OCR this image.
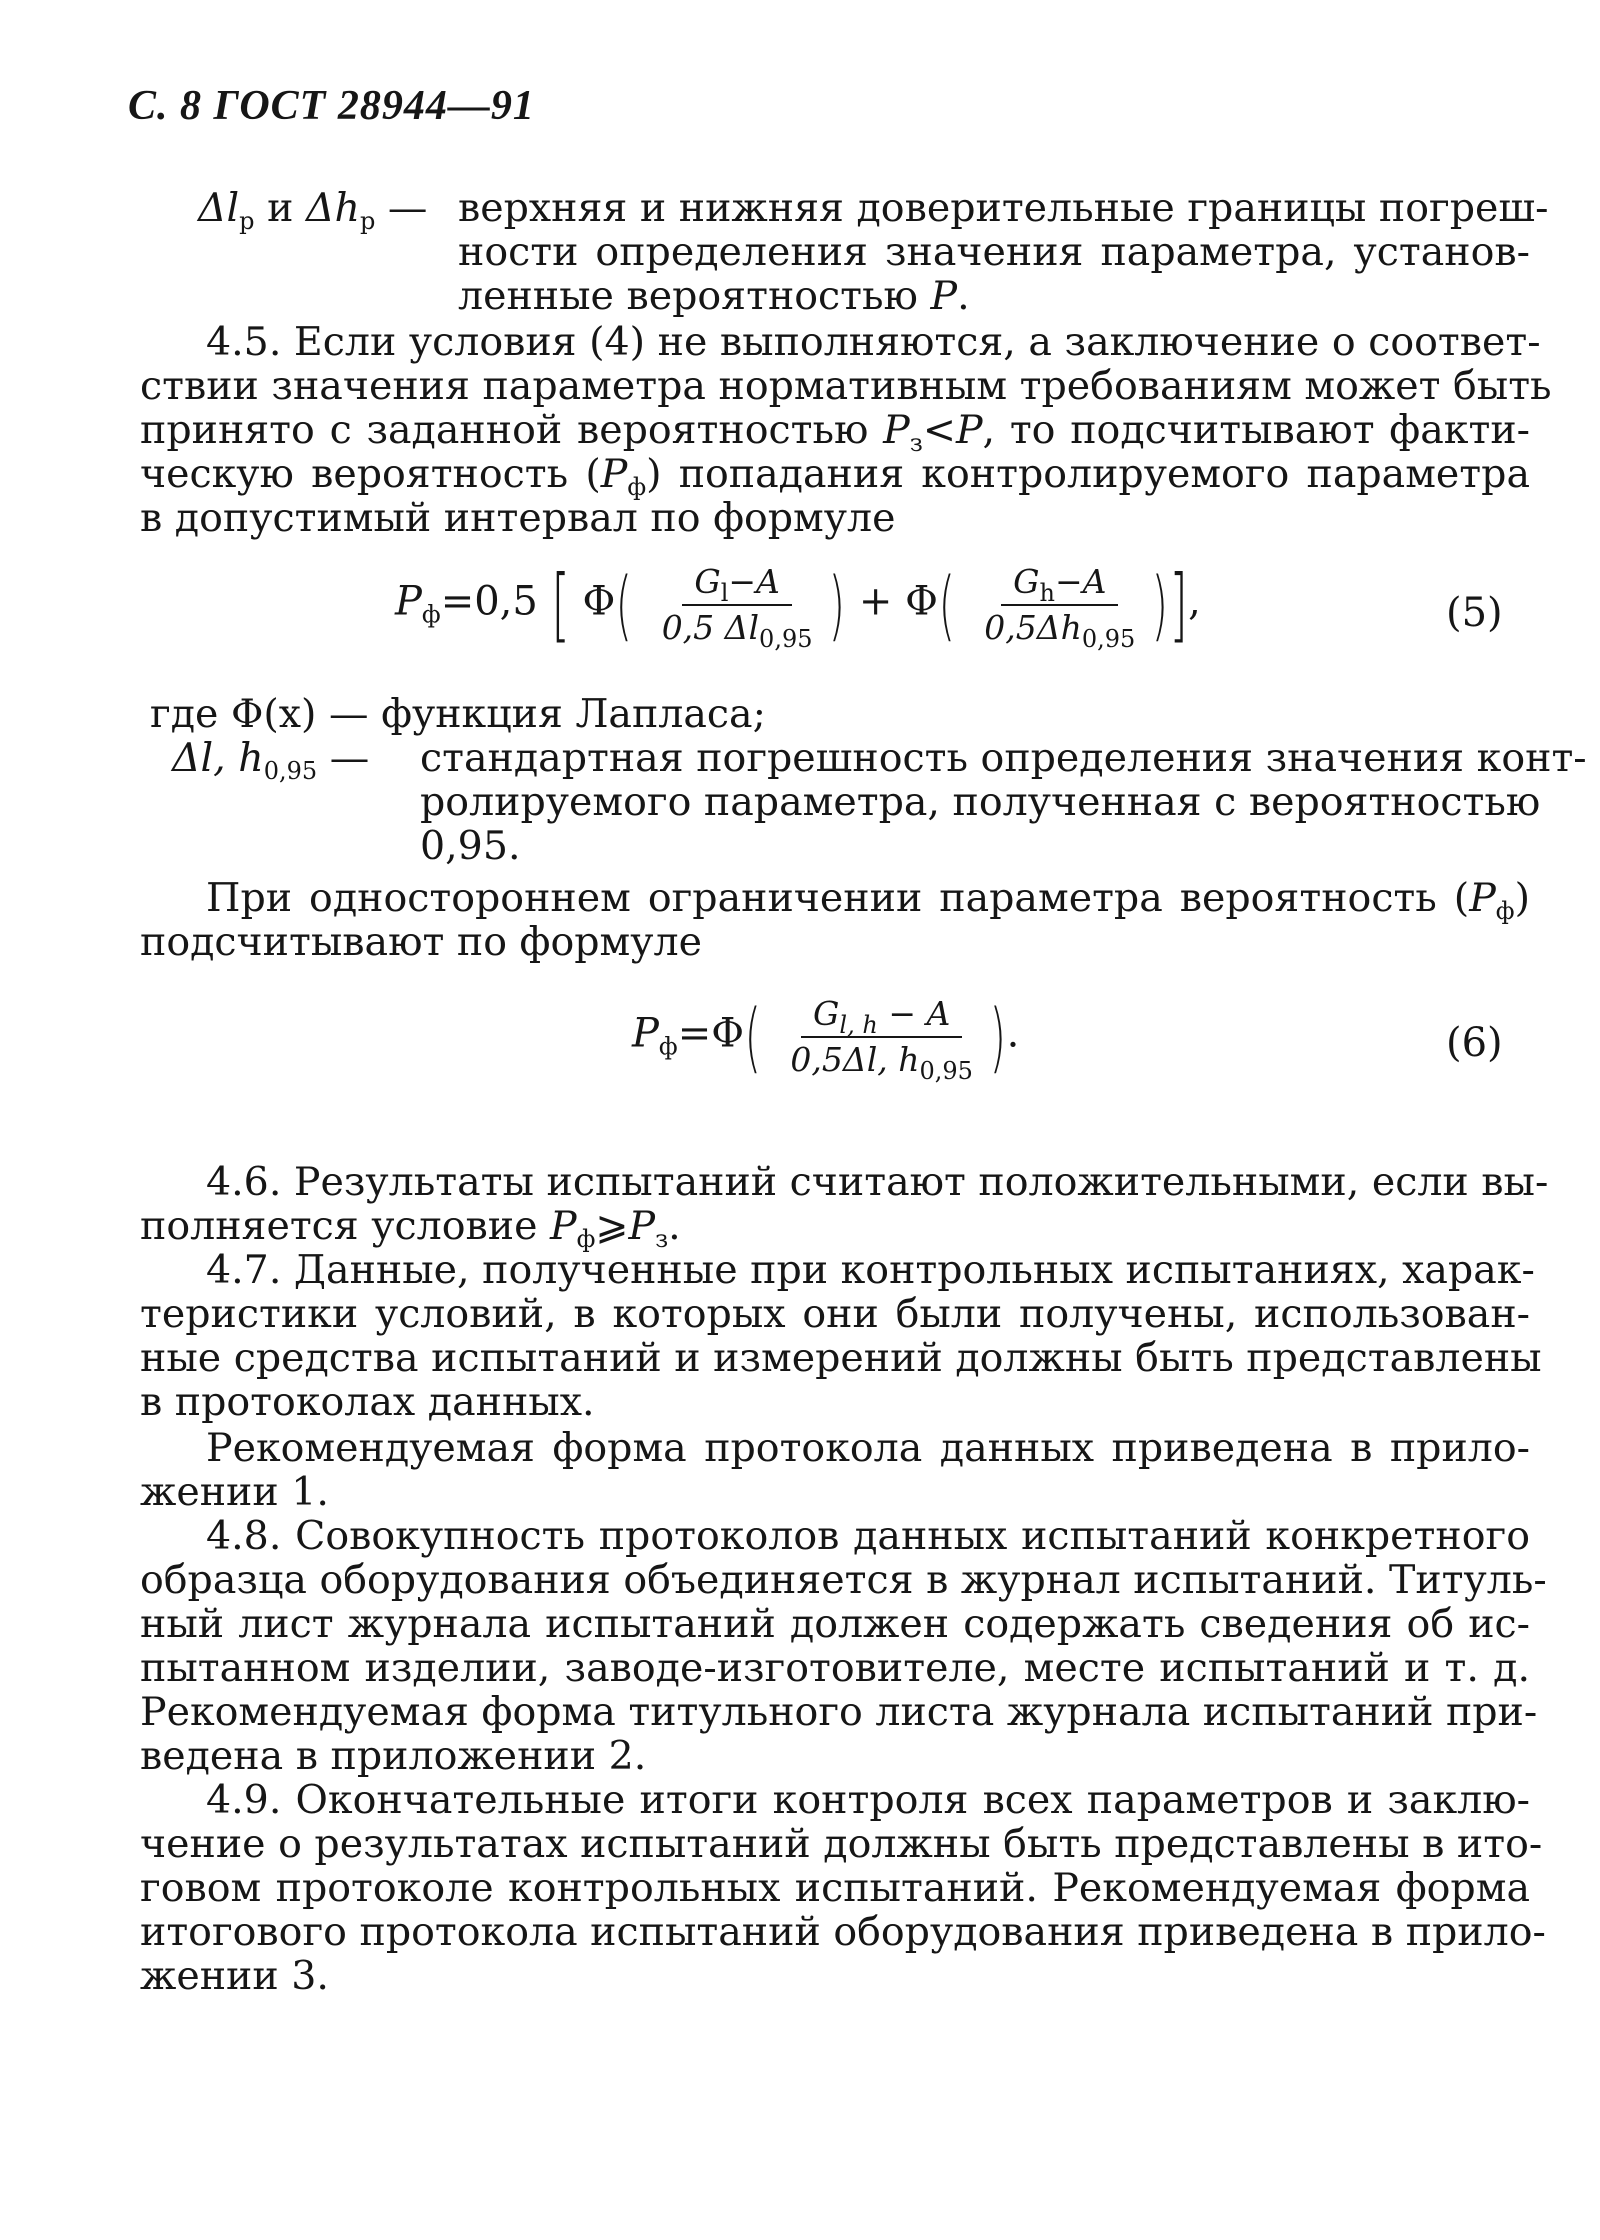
С. 8 ГОСТ 28944—91
$\Delta l_p$ и $\Delta h_p$ — верхняя и нижняя доверительные границы погреш-
ности определения значения параметра, установ-
ленные вероятностью P.
4.5. Если условия (4) не выполняются, а заключение о соответ-
ствии значения параметра нормативным требованиям может быть
принято с заданной вероятностью $P_з<P$, то подсчитывают факти-
ческую вероятность $(P_ф)$ попадания контролируемого параметра
в допустимый интервал по формуле
$P_ф=0,5$ [ $\Phi( \frac{G_l-A}{0,5 \Delta l_{0,95}}$ ) + $\Phi( \frac{G_h-A}{0,5\Delta h_{0,95}}$ )],	(5)
где Φ(x) — функция Лапласа;
Δl, $h_{0,95}$ — стандартная погрешность определения значения конт-
ролируемого параметра, полученная с вероятностью
0,95.
При одностороннем ограничении параметра вероятность $(P_ф)$
подсчитывают по формуле
$P_ф=\Phi( \frac{G_{l, h} - A}{0,5\Delta l, h_{0,95}}$ ).	(6)
4.6. Результаты испытаний считают положительными, если вы-
полняется условие $P_ф⩾P_з$.
4.7. Данные, полученные при контрольных испытаниях, харак-
теристики условий, в которых они были получены, использован-
ные средства испытаний и измерений должны быть представлены
в протоколах данных.
Рекомендуемая форма протокола данных приведена в прило-
жении 1.
4.8. Совокупность протоколов данных испытаний конкретного
образца оборудования объединяется в журнал испытаний. Титуль-
ный лист журнала испытаний должен содержать сведения об ис-
пытанном изделии, заводе-изготовителе, месте испытаний и т. д.
Рекомендуемая форма титульного листа журнала испытаний при-
ведена в приложении 2.
4.9. Окончательные итоги контроля всех параметров и заклю-
чение о результатах испытаний должны быть представлены в ито-
говом протоколе контрольных испытаний. Рекомендуемая форма
итогового протокола испытаний оборудования приведена в прило-
жении 3.
